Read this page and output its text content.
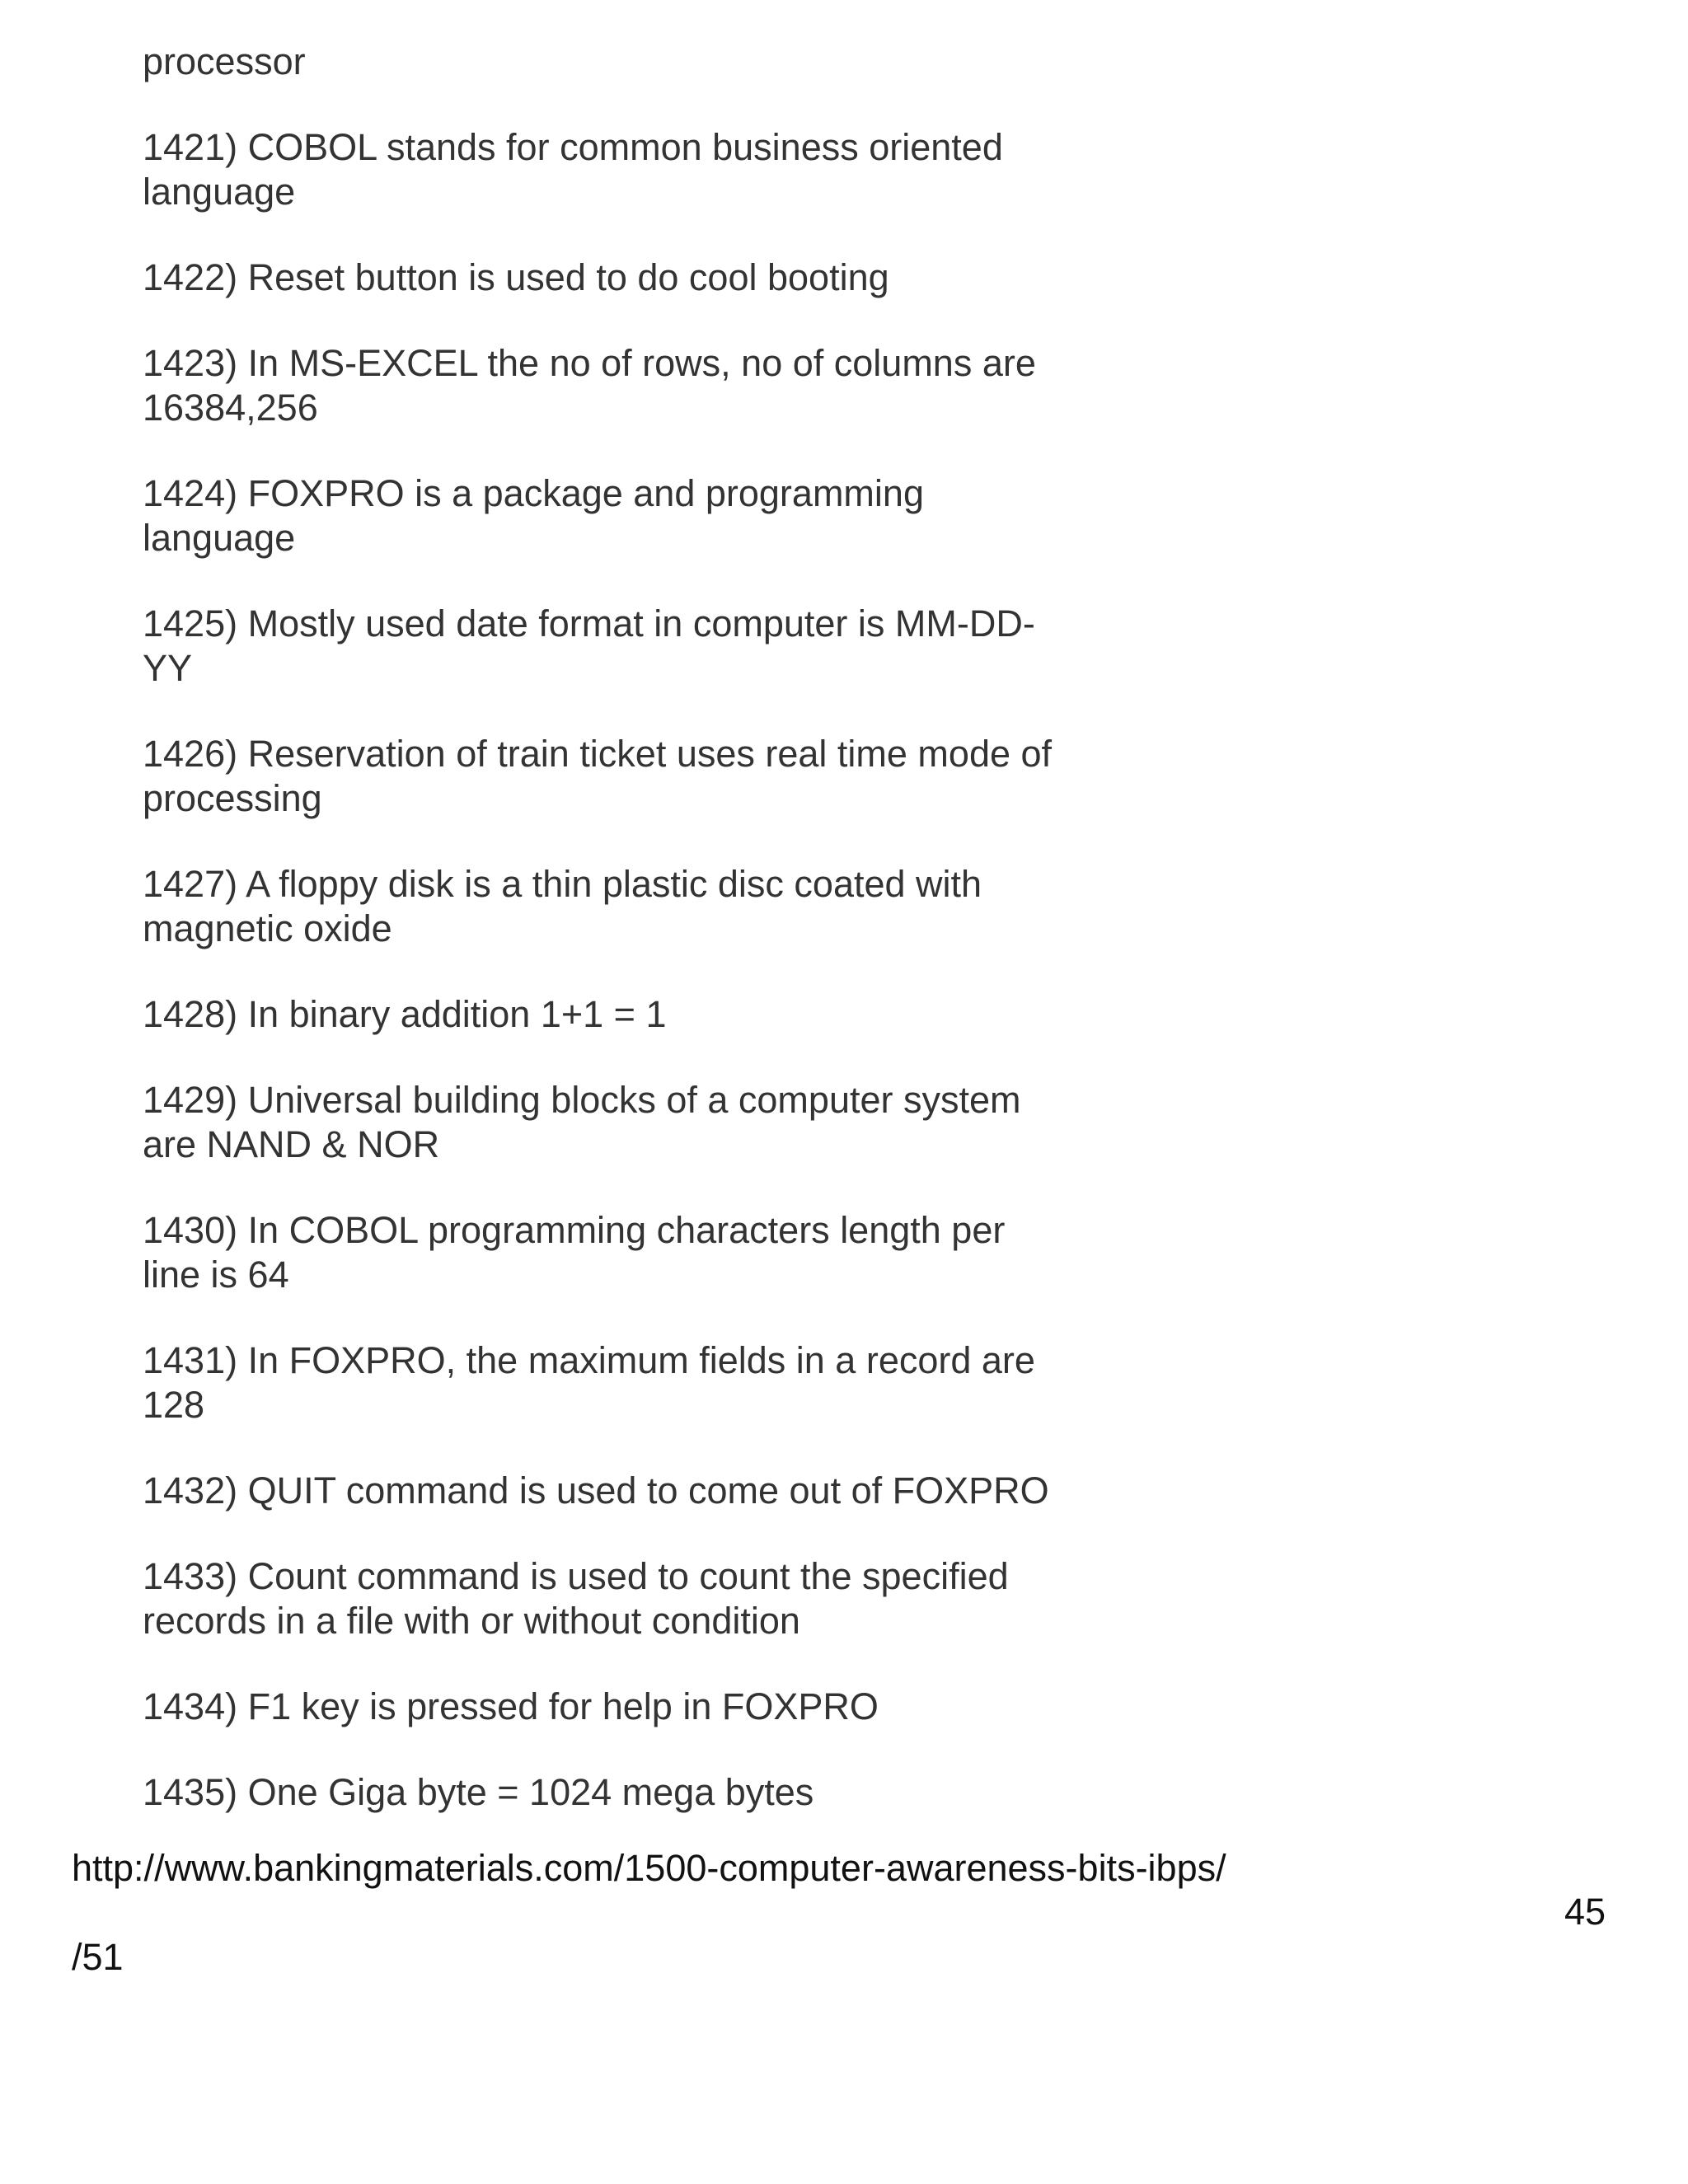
processor
1421) COBOL stands for common business oriented
language
1422) Reset button is used to do cool booting
1423) In MS-EXCEL the no of rows, no of columns are
16384,256
1424) FOXPRO is a package and programming
language
1425) Mostly used date format in computer is MM-DD-
YY
1426) Reservation of train ticket uses real time mode of
processing
1427) A floppy disk is a thin plastic disc coated with
magnetic oxide
1428) In binary addition 1+1 = 1
1429) Universal building blocks of a computer system
are NAND & NOR
1430) In COBOL programming characters length per
line is 64
1431) In FOXPRO, the maximum fields in a record are
128
1432) QUIT command is used to come out of FOXPRO
1433) Count command is used to count the specified
records in a file with or without condition
1434) F1 key is pressed for help in FOXPRO
1435) One Giga byte = 1024 mega bytes
http://www.bankingmaterials.com/1500-computer-awareness-bits-ibps/
45
/51
